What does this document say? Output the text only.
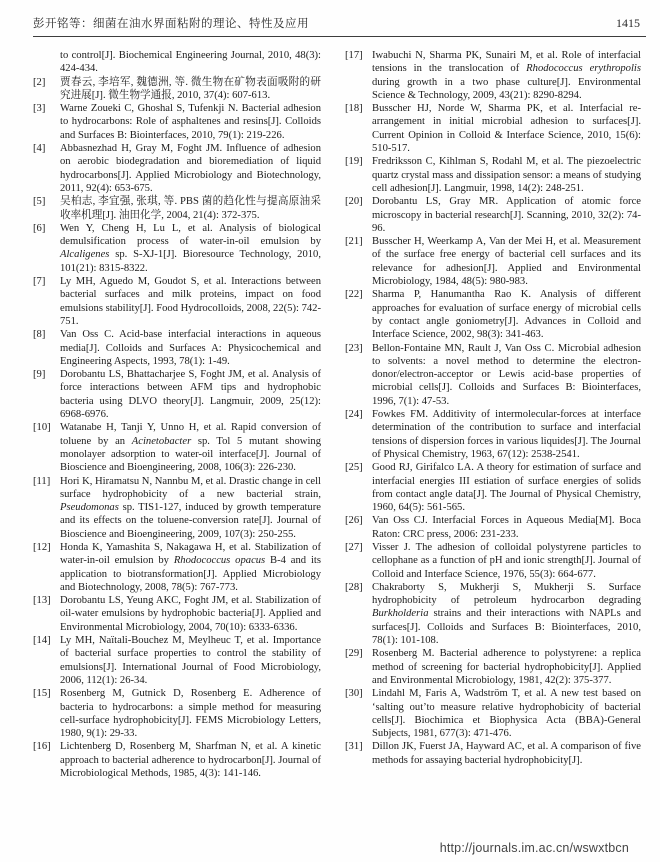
彭开铭等：细菌在油水界面粘附的理论、特性及应用	1415
to control[J]. Biochemical Engineering Journal, 2010, 48(3): 424-434.
[2] 贾春云, 李培军, 魏德洲, 等. 微生物在矿物表面吸附的研究进展[J]. 微生物学通报, 2010, 37(4): 607-613.
[3] Warne Zoueki C, Ghoshal S, Tufenkji N. Bacterial adhesion to hydrocarbons: Role of asphaltenes and resins[J]. Colloids and Surfaces B: Biointerfaces, 2010, 79(1): 219-226.
[4] Abbasnezhad H, Gray M, Foght JM. Influence of adhesion on aerobic biodegradation and bioremediation of liquid hydrocarbons[J]. Applied Microbiology and Biotechnology, 2011, 92(4): 653-675.
[5] 吴柏志, 李宜强, 张琪, 等. PBS 菌的趋化性与提高原油采收率机理[J]. 油田化学, 2004, 21(4): 372-375.
[6] Wen Y, Cheng H, Lu L, et al. Analysis of biological demulsification process of water-in-oil emulsion by Alcaligenes sp. S-XJ-1[J]. Bioresource Technology, 2010, 101(21): 8315-8322.
[7] Ly MH, Aguedo M, Goudot S, et al. Interactions between bacterial surfaces and milk proteins, impact on food emulsions stability[J]. Food Hydrocolloids, 2008, 22(5): 742-751.
[8] Van Oss C. Acid-base interfacial interactions in aqueous media[J]. Colloids and Surfaces A: Physicochemical and Engineering Aspects, 1993, 78(1): 1-49.
[9] Dorobantu LS, Bhattacharjee S, Foght JM, et al. Analysis of force interactions between AFM tips and hydrophobic bacteria using DLVO theory[J]. Langmuir, 2009, 25(12): 6968-6976.
[10] Watanabe H, Tanji Y, Unno H, et al. Rapid conversion of toluene by an Acinetobacter sp. Tol 5 mutant showing monolayer adsorption to water-oil interface[J]. Journal of Bioscience and Bioengineering, 2008, 106(3): 226-230.
[11] Hori K, Hiramatsu N, Nannbu M, et al. Drastic change in cell surface hydrophobicity of a new bacterial strain, Pseudomonas sp. TIS1-127, induced by growth temperature and its effects on the toluene-conversion rate[J]. Journal of Bioscience and Bioengineering, 2009, 107(3): 250-255.
[12] Honda K, Yamashita S, Nakagawa H, et al. Stabilization of water-in-oil emulsion by Rhodococcus opacus B-4 and its application to biotransformation[J]. Applied Microbiology and Biotechnology, 2008, 78(5): 767-773.
[13] Dorobantu LS, Yeung AKC, Foght JM, et al. Stabilization of oil-water emulsions by hydrophobic bacteria[J]. Applied and Environmental Microbiology, 2004, 70(10): 6333-6336.
[14] Ly MH, Naïtali-Bouchez M, Meylheuc T, et al. Importance of bacterial surface properties to control the stability of emulsions[J]. International Journal of Food Microbiology, 2006, 112(1): 26-34.
[15] Rosenberg M, Gutnick D, Rosenberg E. Adherence of bacteria to hydrocarbons: a simple method for measuring cell-surface hydrophobicity[J]. FEMS Microbiology Letters, 1980, 9(1): 29-33.
[16] Lichtenberg D, Rosenberg M, Sharfman N, et al. A kinetic approach to bacterial adherence to hydrocarbon[J]. Journal of Microbiological Methods, 1985, 4(3): 141-146.
[17] Iwabuchi N, Sharma PK, Sunairi M, et al. Role of interfacial tensions in the translocation of Rhodococcus erythropolis during growth in a two phase culture[J]. Environmental Science & Technology, 2009, 43(21): 8290-8294.
[18] Busscher HJ, Norde W, Sharma PK, et al. Interfacial re-arrangement in initial microbial adhesion to surfaces[J]. Current Opinion in Colloid & Interface Science, 2010, 15(6): 510-517.
[19] Fredriksson C, Kihlman S, Rodahl M, et al. The piezoelectric quartz crystal mass and dissipation sensor: a means of studying cell adhesion[J]. Langmuir, 1998, 14(2): 248-251.
[20] Dorobantu LS, Gray MR. Application of atomic force microscopy in bacterial research[J]. Scanning, 2010, 32(2): 74-96.
[21] Busscher H, Weerkamp A, Van der Mei H, et al. Measurement of the surface free energy of bacterial cell surfaces and its relevance for adhesion[J]. Applied and Environmental Microbiology, 1984, 48(5): 980-983.
[22] Sharma P, Hanumantha Rao K. Analysis of different approaches for evaluation of surface energy of microbial cells by contact angle goniometry[J]. Advances in Colloid and Interface Science, 2002, 98(3): 341-463.
[23] Bellon-Fontaine MN, Rault J, Van Oss C. Microbial adhesion to solvents: a novel method to determine the electron-donor/electron-acceptor or Lewis acid-base properties of microbial cells[J]. Colloids and Surfaces B: Biointerfaces, 1996, 7(1): 47-53.
[24] Fowkes FM. Additivity of intermolecular-forces at interface determination of the contribution to surface and interfacial tensions of dispersion forces in various liquides[J]. The Journal of Physical Chemistry, 1963, 67(12): 2538-2541.
[25] Good RJ, Girifalco LA. A theory for estimation of surface and interfacial energies III estiation of surface energies of solids from contact angle data[J]. The Journal of Physical Chemistry, 1960, 64(5): 561-565.
[26] Van Oss CJ. Interfacial Forces in Aqueous Media[M]. Boca Raton: CRC press, 2006: 231-233.
[27] Visser J. The adhesion of colloidal polystyrene particles to cellophane as a function of pH and ionic strength[J]. Journal of Colloid and Interface Science, 1976, 55(3): 664-677.
[28] Chakraborty S, Mukherji S, Mukherji S. Surface hydrophobicity of petroleum hydrocarbon degrading Burkholderia strains and their interactions with NAPLs and surfaces[J]. Colloids and Surfaces B: Biointerfaces, 2010, 78(1): 101-108.
[29] Rosenberg M. Bacterial adherence to polystyrene: a replica method of screening for bacterial hydrophobicity[J]. Applied and Environmental Microbiology, 1981, 42(2): 375-377.
[30] Lindahl M, Faris A, Wadström T, et al. A new test based on ‘salting out’to measure relative hydrophobicity of bacterial cells[J]. Biochimica et Biophysica Acta (BBA)-General Subjects, 1981, 677(3): 471-476.
[31] Dillon JK, Fuerst JA, Hayward AC, et al. A comparison of five methods for assaying bacterial hydrophobicity[J].
http://journals.im.ac.cn/wswxtbcn
